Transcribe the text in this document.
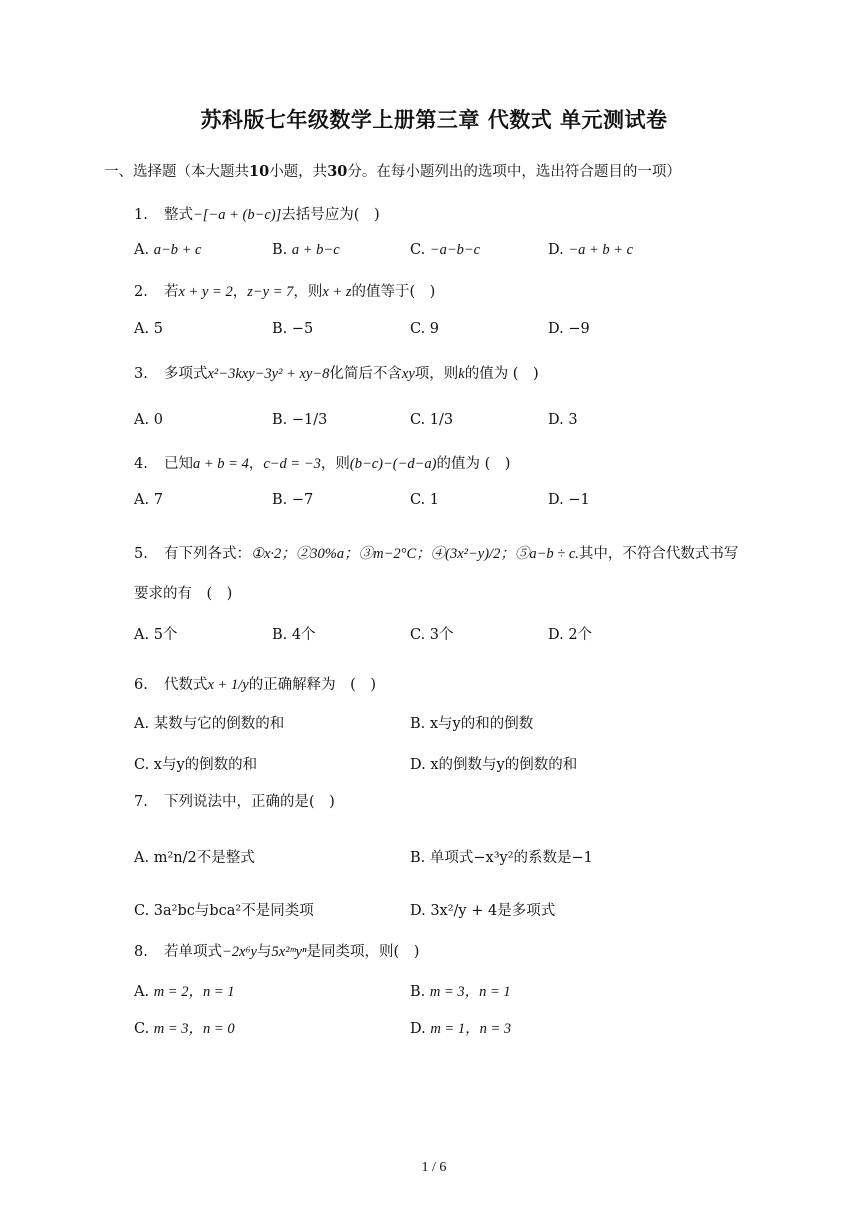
苏科版七年级数学上册第三章 代数式 单元测试卷
一、选择题（本大题共10小题，共30分。在每小题列出的选项中，选出符合题目的一项）
1. 整式−[−a + (b−c)]去括号应为(　)
A. a−b + c	B. a + b−c	C. −a−b−c	D. −a + b + c
2. 若x + y = 2，z−y = 7，则x + z的值等于(　)
A. 5	B. −5	C. 9	D. −9
3. 多项式x²−3kxy−3y² + xy−8化简后不含xy项，则k的值为 (　)
A. 0	B. −1/3	C. 1/3	D. 3
4. 已知a + b = 4，c−d = −3，则(b−c)−(−d−a)的值为 (　)
A. 7	B. −7	C. 1	D. −1
5. 有下列各式：①x·2；②30%a；③m−2°C；④(3x²−y)/2；⑤a−b ÷ c.其中，不符合代数式书写
要求的有　(　)
A. 5个	B. 4个	C. 3个	D. 2个
6. 代数式x + 1/y的正确解释为　(　)
A. 某数与它的倒数的和	B. x与y的和的倒数
C. x与y的倒数的和	D. x的倒数与y的倒数的和
7. 下列说法中，正确的是(　)
A. m²n/2不是整式	B. 单项式−x³y²的系数是−1
C. 3a²bc与bca²不是同类项	D. 3x²/y + 4是多项式
8. 若单项式−2x⁶y与5x²ᵐyⁿ是同类项，则(　)
A. m = 2，n = 1	B. m = 3，n = 1
C. m = 3，n = 0	D. m = 1，n = 3
1 / 6
